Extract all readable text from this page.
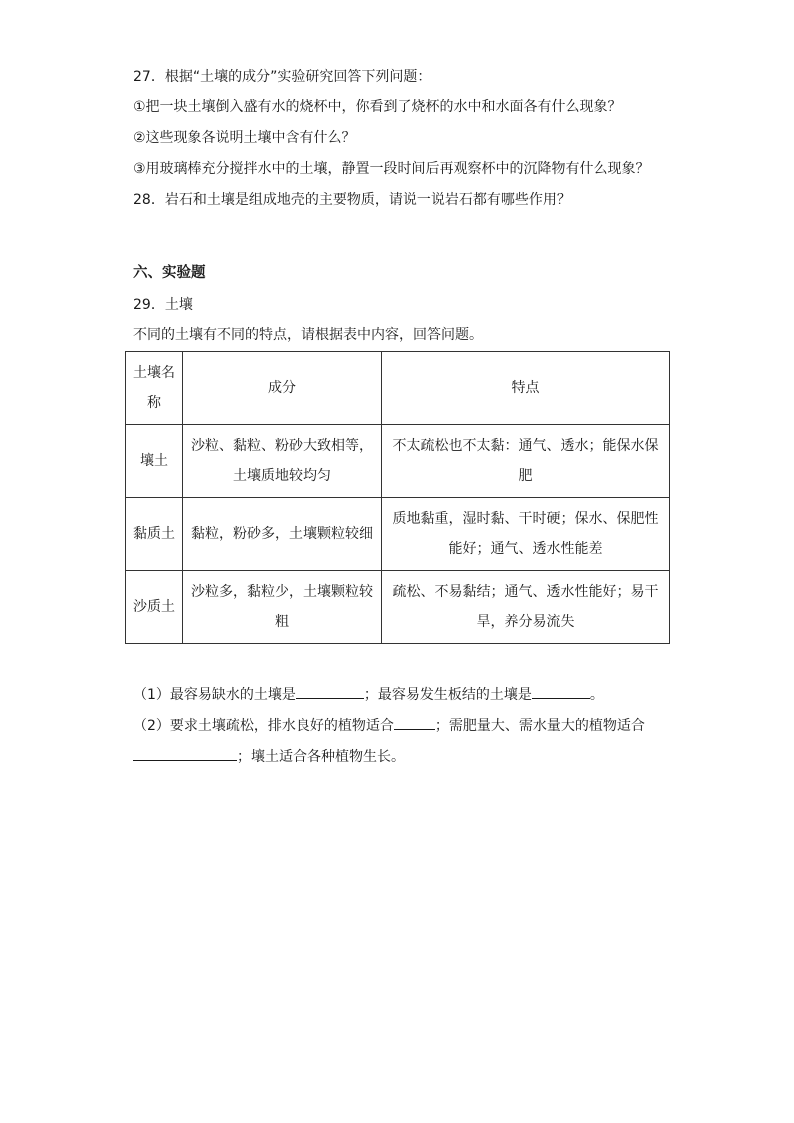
27．根据“土壤的成分”实验研究回答下列问题：
①把一块土壤倒入盛有水的烧杯中，你看到了烧杯的水中和水面各有什么现象？
②这些现象各说明土壤中含有什么？
③用玻璃棒充分搅拌水中的土壤，静置一段时间后再观察杯中的沉降物有什么现象？
28．岩石和土壤是组成地壳的主要物质，请说一说岩石都有哪些作用？
六、实验题
29．土壤
不同的土壤有不同的特点，请根据表中内容，回答问题。
土壤名称	成分	特点
壤土	沙粒、黏粒、粉砂大致相等，土壤质地较均匀	不太疏松也不太黏：通气、透水；能保水保肥
黏质土	黏粒，粉砂多，土壤颗粒较细	质地黏重，湿时黏、干时硬；保水、保肥性能好；通气、透水性能差
沙质土	沙粒多，黏粒少，土壤颗粒较粗	疏松、不易黏结；通气、透水性能好；易干旱，养分易流失
（1）最容易缺水的土壤是	；最容易发生板结的土壤是	。
（2）要求土壤疏松，排水良好的植物适合	；需肥量大、需水量大的植物适合
；壤土适合各种植物生长。
